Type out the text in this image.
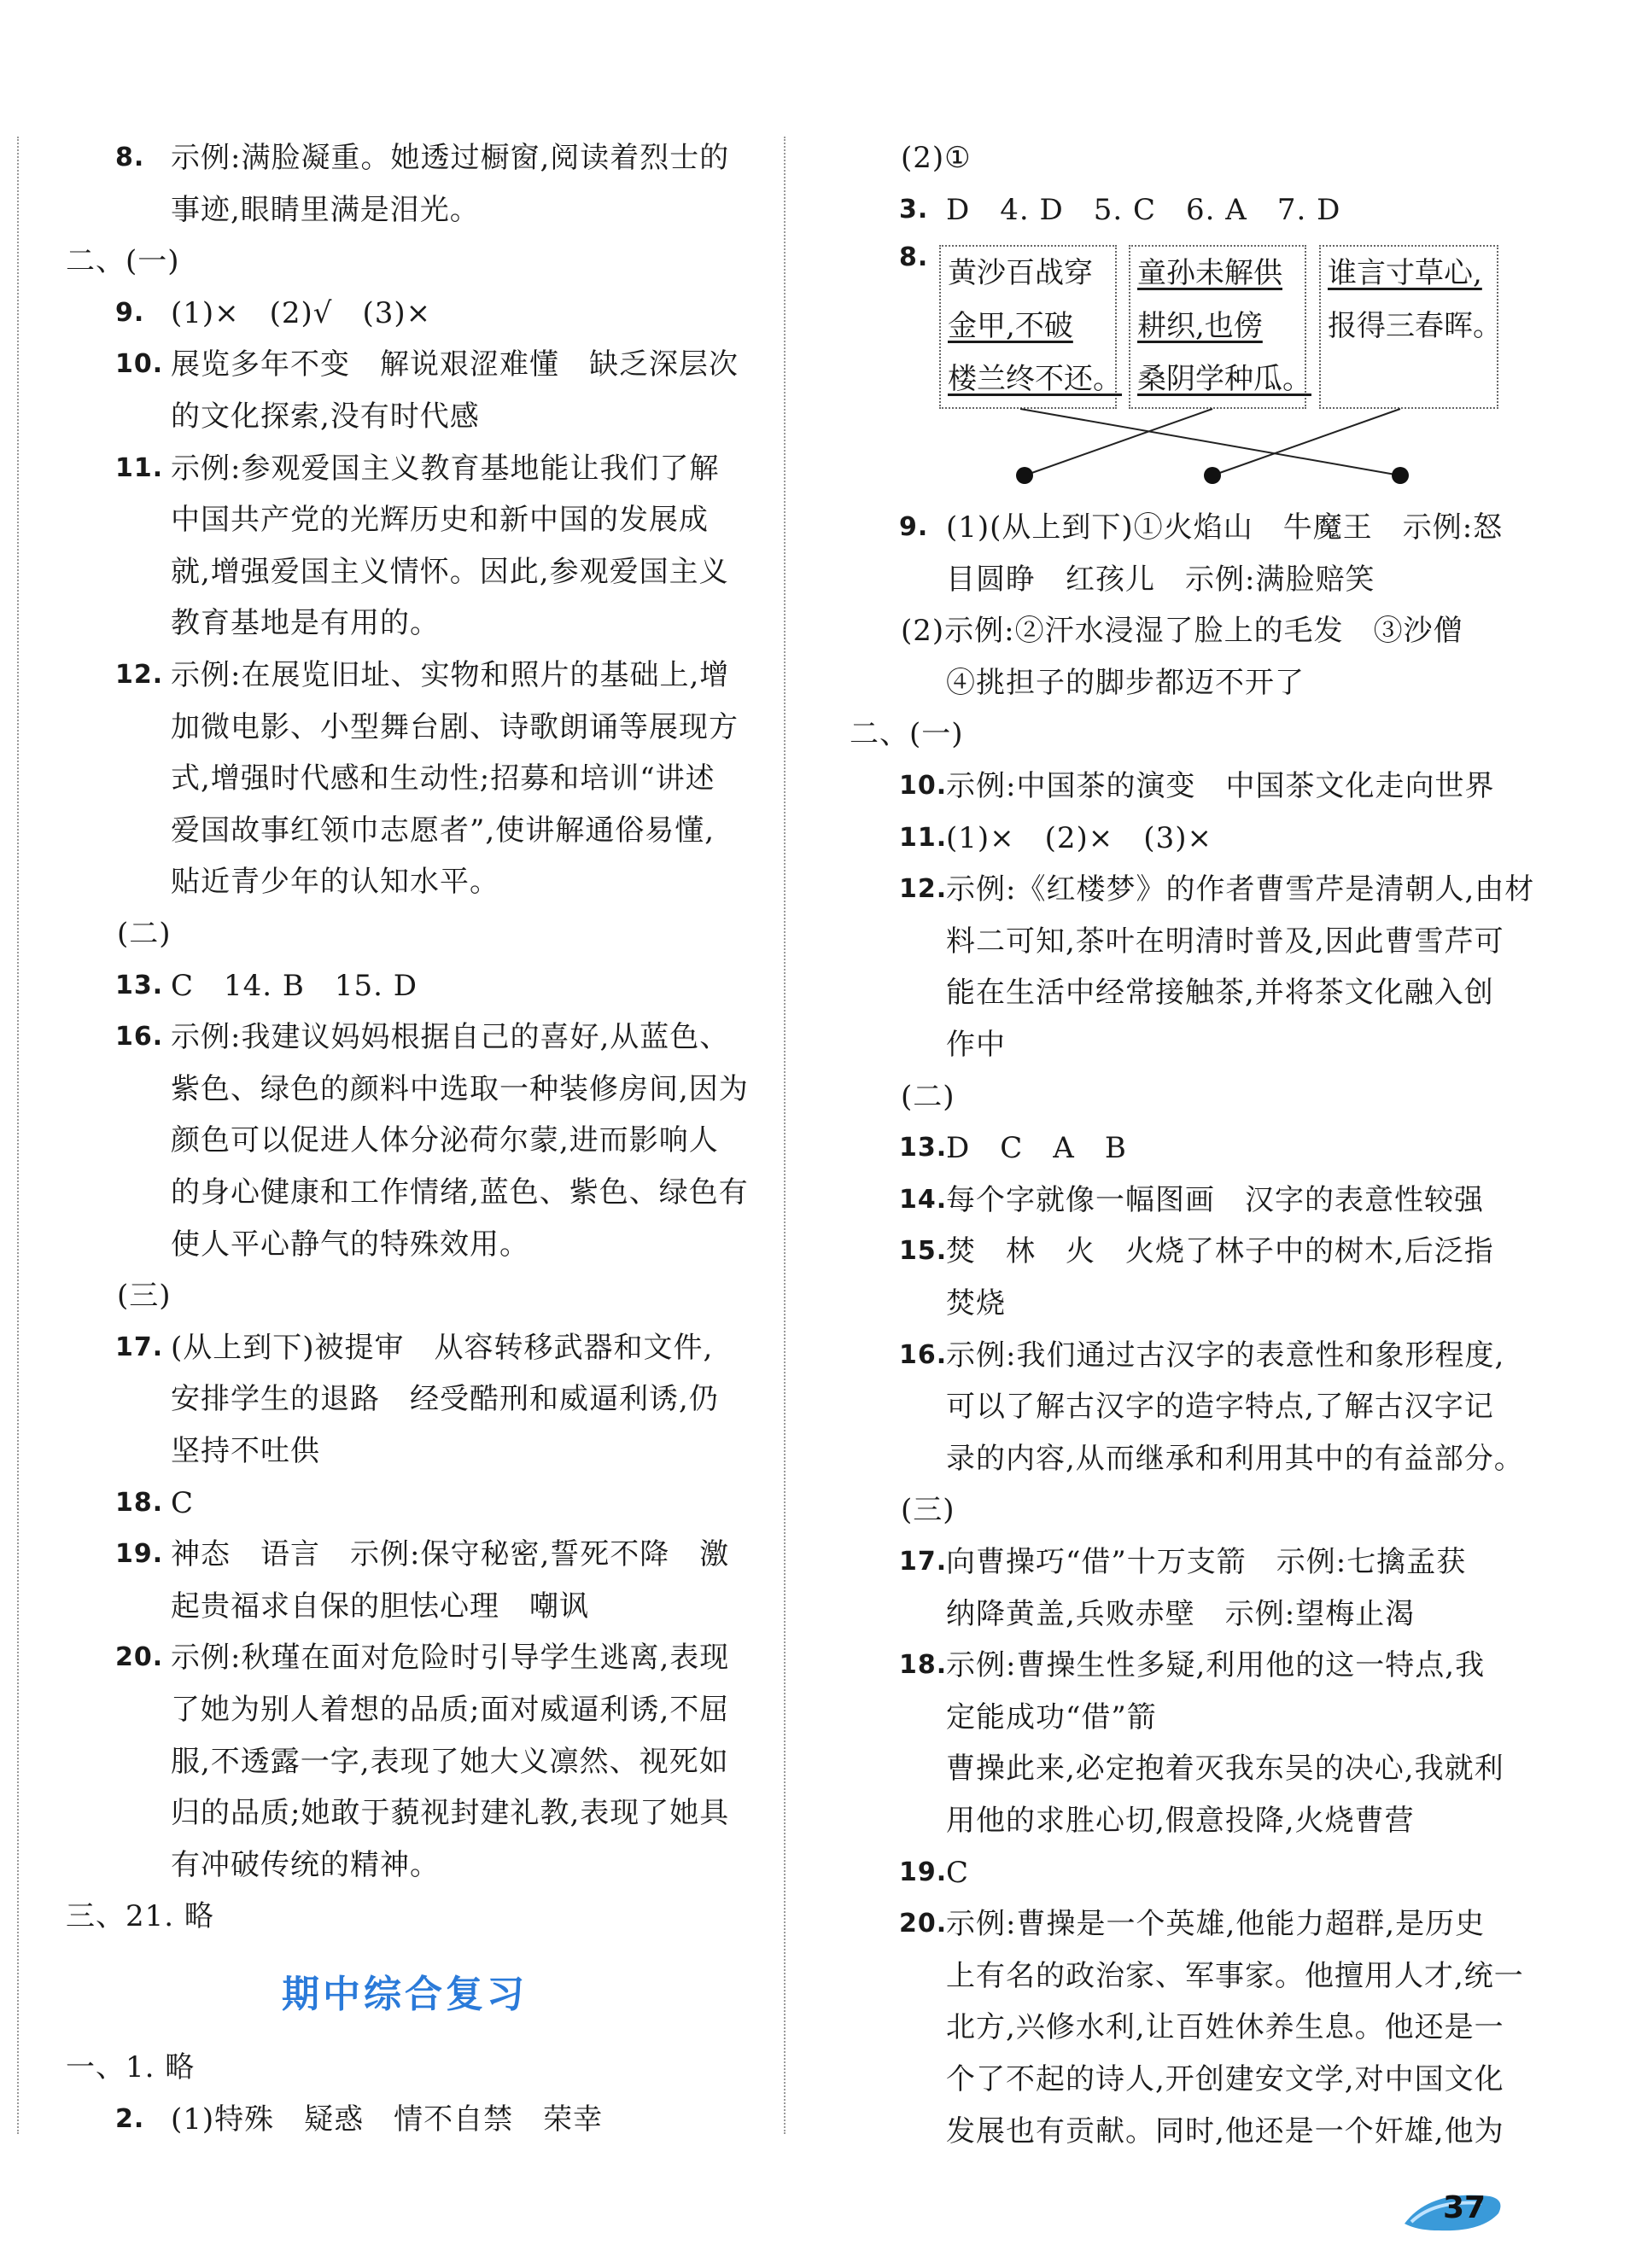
8. 示例:满脸凝重。她透过橱窗,阅读着烈士的
事迹,眼睛里满是泪光。
二、(一)
9. (1)×　(2)√　(3)×
10. 展览多年不变　解说艰涩难懂　缺乏深层次
的文化探索,没有时代感
11. 示例:参观爱国主义教育基地能让我们了解
中国共产党的光辉历史和新中国的发展成
就,增强爱国主义情怀。因此,参观爱国主义
教育基地是有用的。
12. 示例:在展览旧址、实物和照片的基础上,增
加微电影、小型舞台剧、诗歌朗诵等展现方
式,增强时代感和生动性;招募和培训“讲述
爱国故事红领巾志愿者”,使讲解通俗易懂,
贴近青少年的认知水平。
(二)
13. C　14. B　15. D
16. 示例:我建议妈妈根据自己的喜好,从蓝色、
紫色、绿色的颜料中选取一种装修房间,因为
颜色可以促进人体分泌荷尔蒙,进而影响人
的身心健康和工作情绪,蓝色、紫色、绿色有
使人平心静气的特殊效用。
(三)
17. (从上到下)被提审　从容转移武器和文件,
安排学生的退路　经受酷刑和威逼利诱,仍
坚持不吐供
18. C
19. 神态　语言　示例:保守秘密,誓死不降　激
起贵福求自保的胆怯心理　嘲讽
20. 示例:秋瑾在面对危险时引导学生逃离,表现
了她为别人着想的品质;面对威逼利诱,不屈
服,不透露一字,表现了她大义凛然、视死如
归的品质;她敢于藐视封建礼教,表现了她具
有冲破传统的精神。
三、21. 略
一、1. 略
2. (1)特殊　疑惑　情不自禁　荣幸
(2)①
3. D　4. D　5. C　6. A　7. D
9. (1)(从上到下)①火焰山　牛魔王　示例:怒
目圆睁　红孩儿　示例:满脸赔笑
(2)示例:②汗水浸湿了脸上的毛发　③沙僧
④挑担子的脚步都迈不开了
二、(一)
10.
示例:中国茶的演变　中国茶文化走向世界
11.
(1)×　(2)×　(3)×
12.
示例:《红楼梦》的作者曹雪芹是清朝人,由材
料二可知,茶叶在明清时普及,因此曹雪芹可
能在生活中经常接触茶,并将茶文化融入创
作中
(二)
13.
D　C　A　B
14.
每个字就像一幅图画　汉字的表意性较强
15.
焚　林　火　火烧了林子中的树木,后泛指
焚烧
16.
示例:我们通过古汉字的表意性和象形程度,
可以了解古汉字的造字特点,了解古汉字记
录的内容,从而继承和利用其中的有益部分。
(三)
17.
向曹操巧“借”十万支箭　示例:七擒孟获
纳降黄盖,兵败赤壁　示例:望梅止渴
18.
示例:曹操生性多疑,利用他的这一特点,我
定能成功“借”箭
曹操此来,必定抱着灭我东吴的决心,我就利
用他的求胜心切,假意投降,火烧曹营
19.
C
20.
示例:曹操是一个英雄,他能力超群,是历史
上有名的政治家、军事家。他擅用人才,统一
北方,兴修水利,让百姓休养生息。他还是一
个了不起的诗人,开创建安文学,对中国文化
发展也有贡献。同时,他还是一个奸雄,他为
期中综合复习
8. 黄沙百战穿
金甲,不破
楼兰终不还。
童孙未解供
耕织,也傍
桑阴学种瓜。
谁言寸草心,
报得三春晖。
37
